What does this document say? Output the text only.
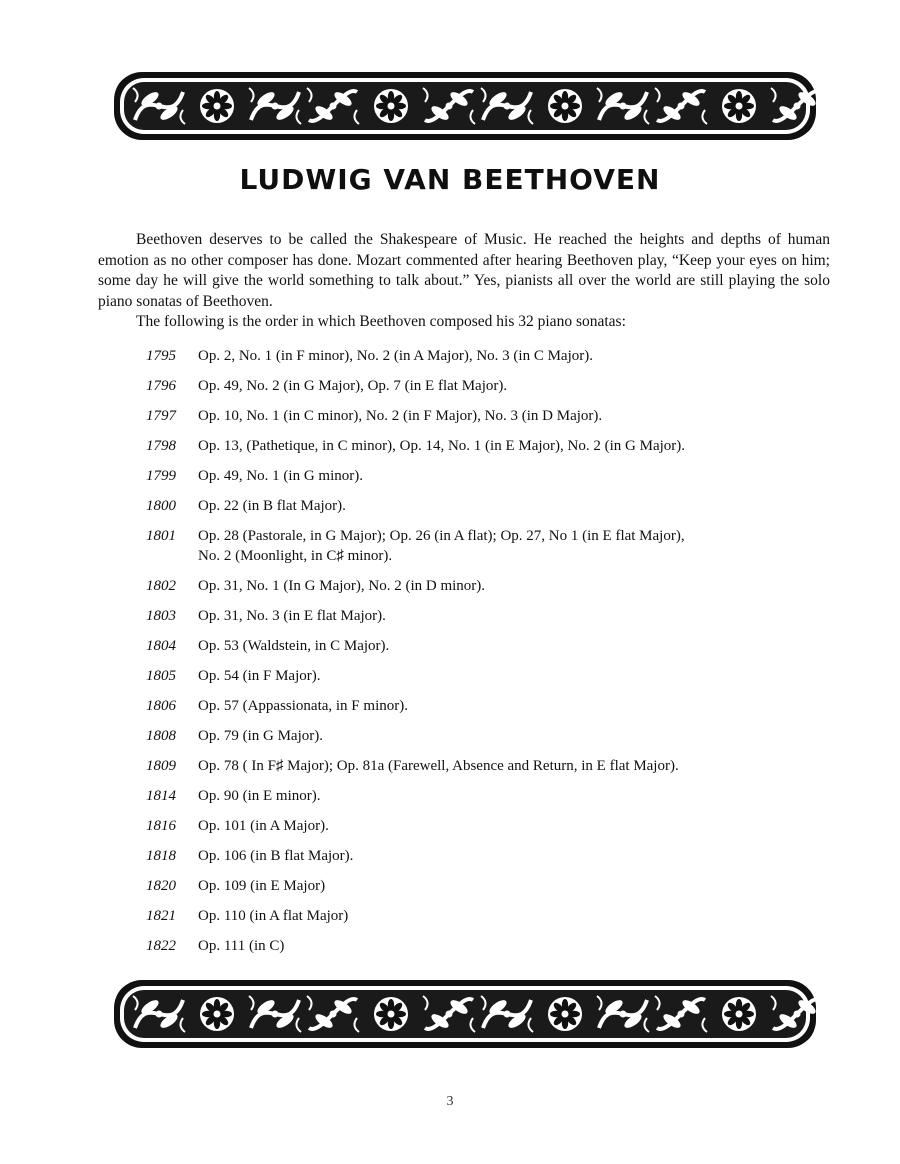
LUDWIG VAN BEETHOVEN

Beethoven deserves to be called the Shakespeare of Music. He reached the heights and depths of human emotion as no other composer has done. Mozart commented after hearing Beethoven play, “Keep your eyes on him; some day he will give the world something to talk about.” Yes, pianists all over the world are still playing the solo piano sonatas of Beethoven.

The following is the order in which Beethoven composed his 32 piano sonatas:

1795	Op. 2, No. 1 (in F minor), No. 2 (in A Major), No. 3 (in C Major).
1796	Op. 49, No. 2 (in G Major), Op. 7 (in E flat Major).
1797	Op. 10, No. 1 (in C minor), No. 2 (in F Major), No. 3 (in D Major).
1798	Op. 13, (Pathetique, in C minor), Op. 14, No. 1 (in E Major), No. 2 (in G Major).
1799	Op. 49, No. 1 (in G minor).
1800	Op. 22 (in B flat Major).
1801	Op. 28 (Pastorale, in G Major); Op. 26 (in A flat); Op. 27, No 1 (in E flat Major),
No. 2 (Moonlight, in C♯ minor).
1802	Op. 31, No. 1 (In G Major), No. 2 (in D minor).
1803	Op. 31, No. 3 (in E flat Major).
1804	Op. 53 (Waldstein, in C Major).
1805	Op. 54 (in F Major).
1806	Op. 57 (Appassionata, in F minor).
1808	Op. 79 (in G Major).
1809	Op. 78 ( In F♯ Major); Op. 81a (Farewell, Absence and Return, in E flat Major).
1814	Op. 90 (in E minor).
1816	Op. 101 (in A Major).
1818	Op. 106 (in B flat Major).
1820	Op. 109 (in E Major)
1821	Op. 110 (in A flat Major)
1822	Op. 111 (in C)
3
